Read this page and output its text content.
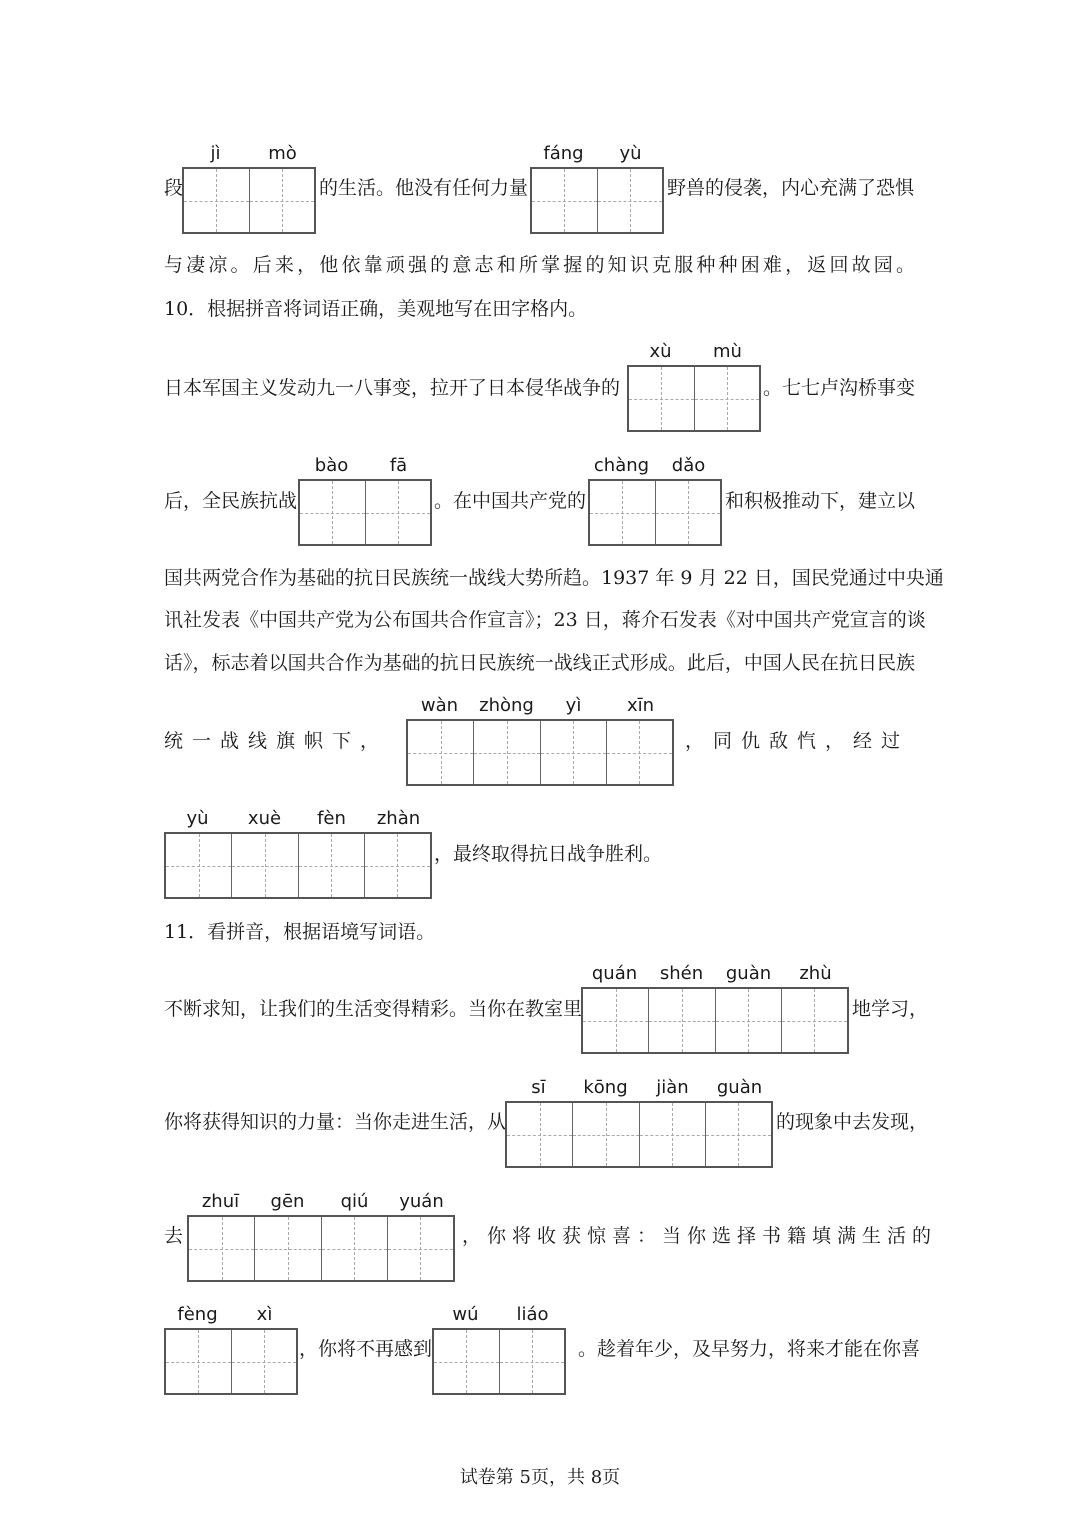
段
jì	mò
的生活。他没有任何力量
fáng	yù
野兽的侵袭，内心充满了恐惧
与凄凉。后来，他依靠顽强的意志和所掌握的知识克服种种困难，返回故园。
10．根据拼音将词语正确，美观地写在田字格内。
日本军国主义发动九一八事变，拉开了日本侵华战争的
xù	mù
。七七卢沟桥事变
后，全民族抗战
bào	fā
。在中国共产党的
chàng	dǎo
和积极推动下，建立以
国共两党合作为基础的抗日民族统一战线大势所趋。1937 年 9 月 22 日，国民党通过中央通
讯社发表《中国共产党为公布国共合作宣言》；23 日，蒋介石发表《对中国共产党宣言的谈
话》，标志着以国共合作为基础的抗日民族统一战线正式形成。此后，中国人民在抗日民族
统一战线旗帜下，
wàn	zhòng	yì	xīn
，同仇敌忾，经过
yù	xuè	fèn	zhàn
，最终取得抗日战争胜利。
11．看拼音，根据语境写词语。
不断求知，让我们的生活变得精彩。当你在教室里
quán	shén	guàn	zhù
地学习，
你将获得知识的力量：当你走进生活，从
sī	kōng	jiàn	guàn
的现象中去发现，
去
zhuī	gēn	qiú	yuán
，你将收获惊喜：当你选择书籍填满生活的
fèng	xì
，你将不再感到
wú	liáo
。趁着年少，及早努力，将来才能在你喜
试卷第 5页，共 8页
